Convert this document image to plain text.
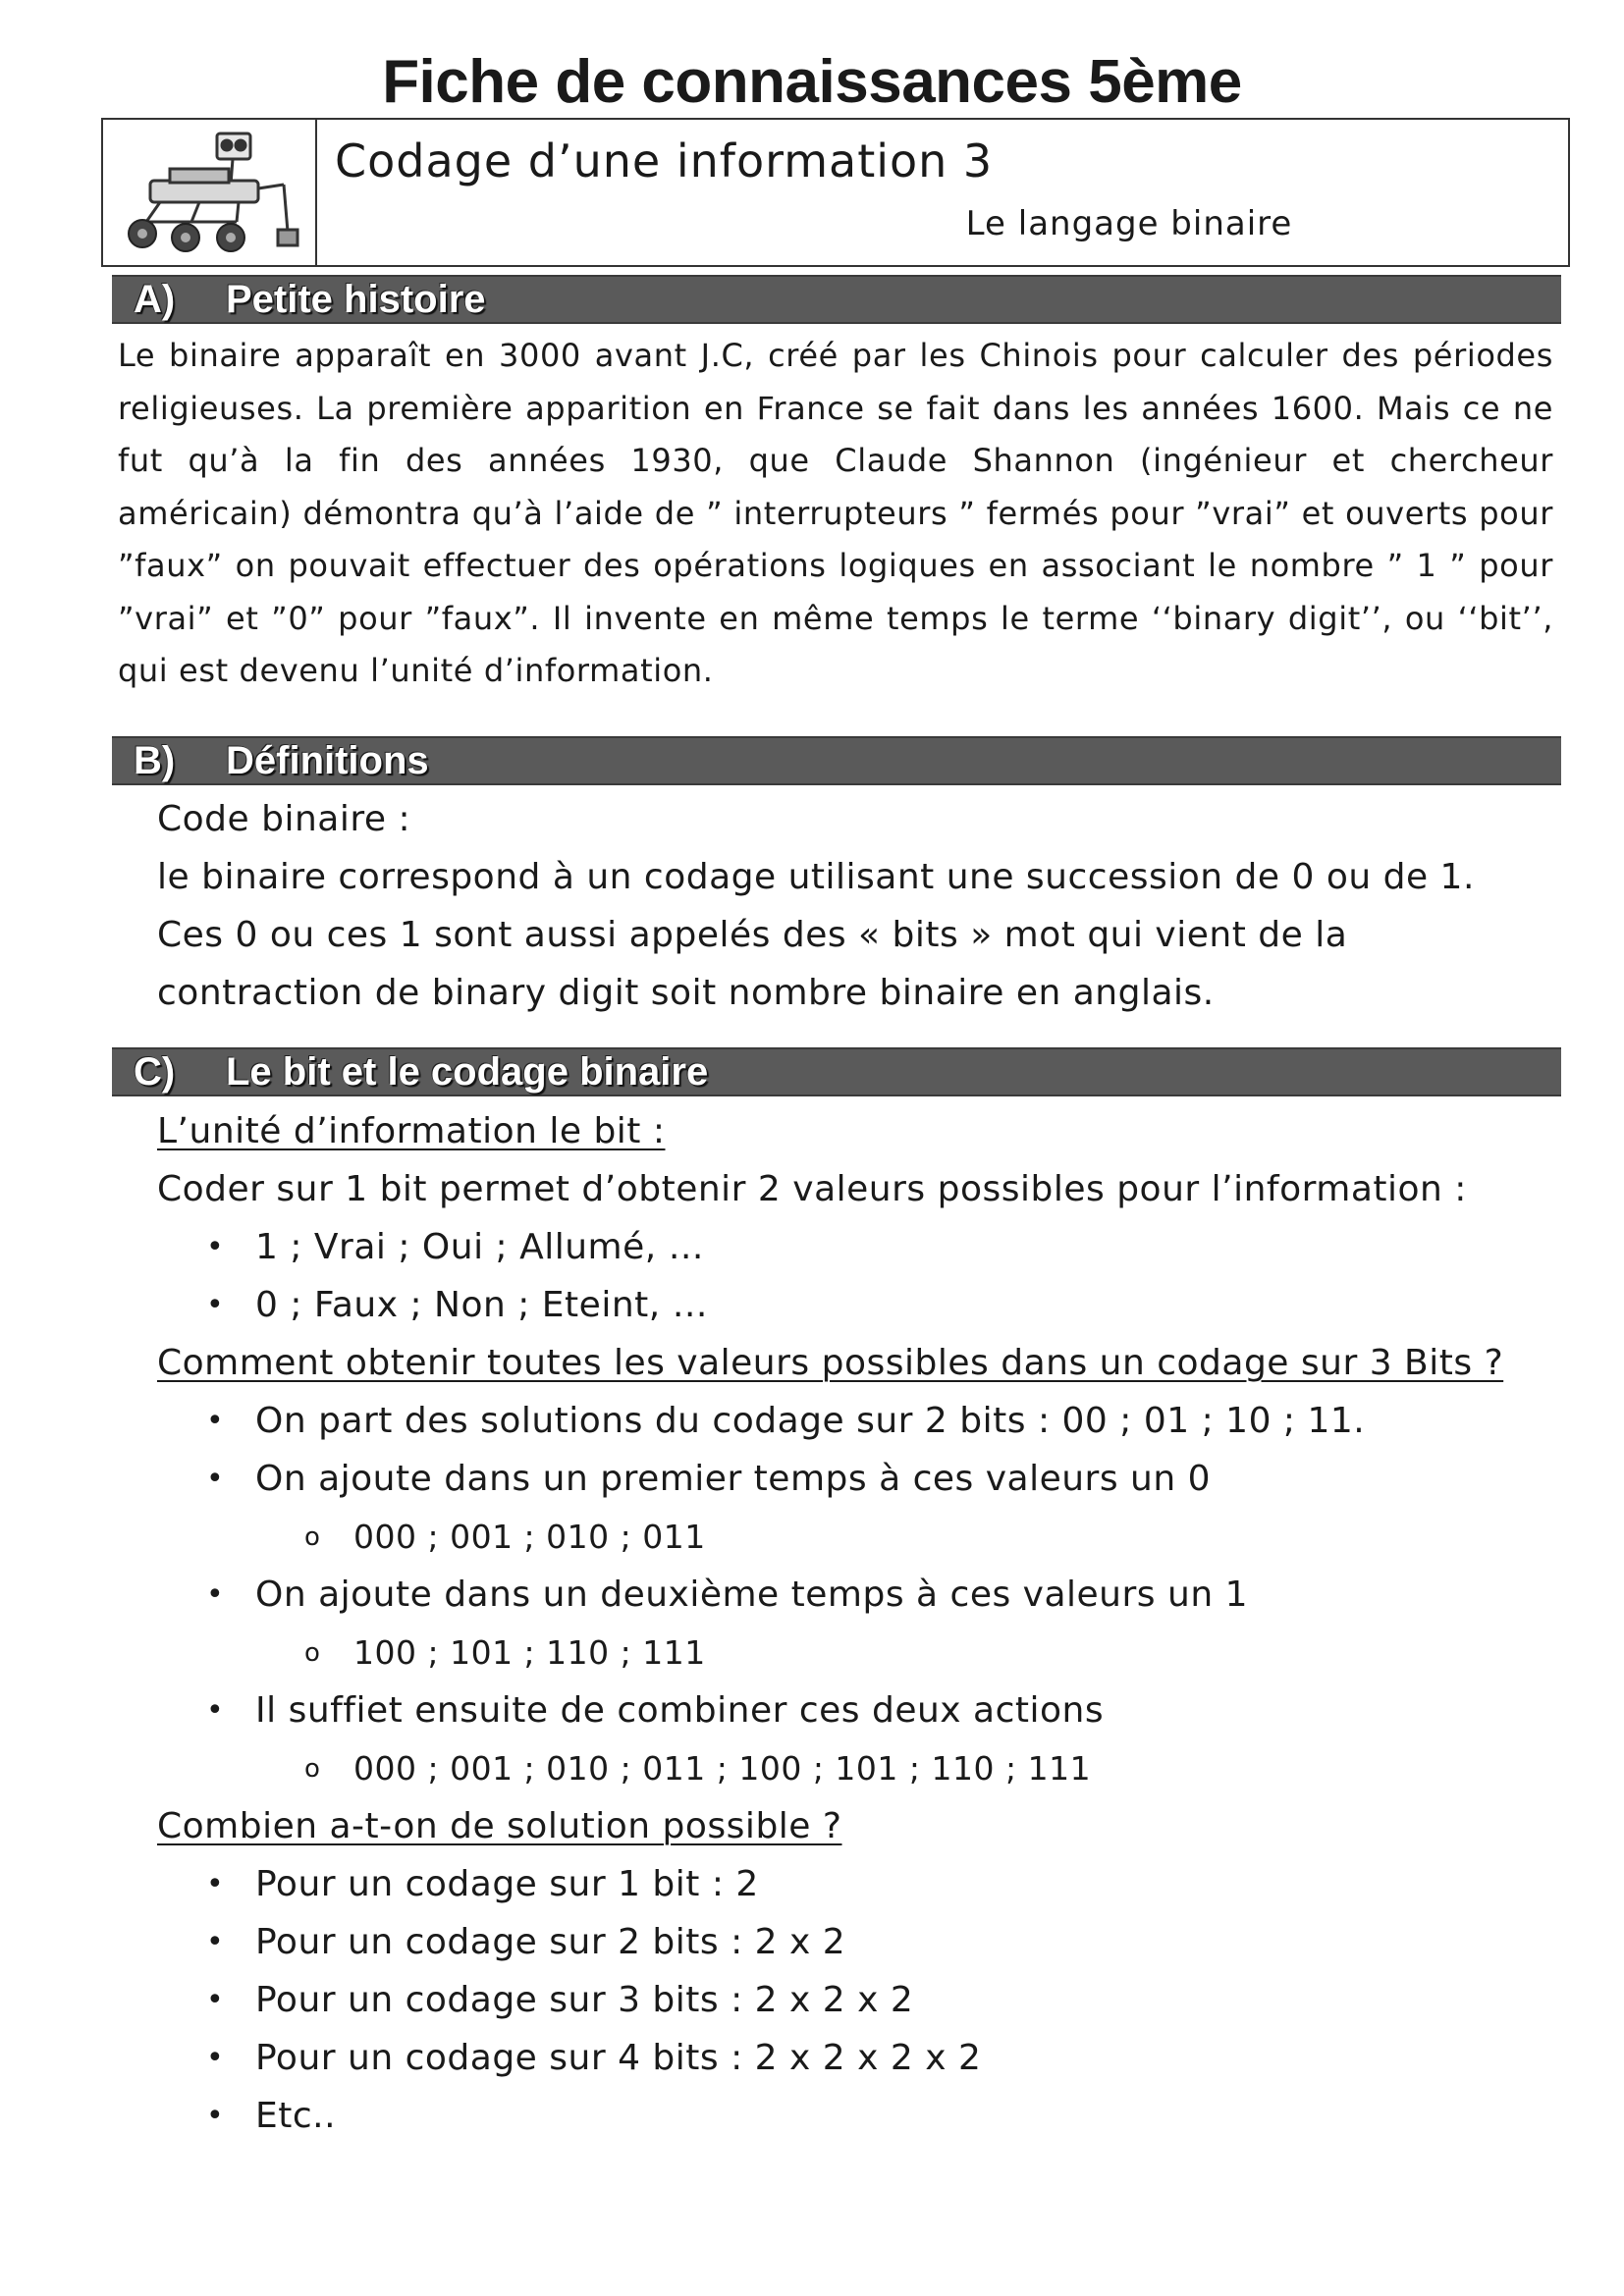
Fiche de connaissances 5ème
Codage d’une information 3
Le langage binaire
A) Petite histoire

Le binaire apparaît en 3000 avant J.C, créé par les Chinois pour calculer des périodes religieuses. La première apparition en France se fait dans les années 1600. Mais ce ne fut qu’à la fin des années 1930, que Claude Shannon (ingénieur et chercheur américain) démontra qu’à l’aide de ” interrupteurs ” fermés pour ”vrai” et ouverts pour ”faux” on pouvait effectuer des opérations logiques en associant le nombre ” 1 ” pour ”vrai” et ”0” pour ”faux”. Il invente en même temps le terme ‘‘binary digit’’, ou ‘‘bit’’, qui est devenu l’unité d’information.

B) Définitions

Code binaire :

le binaire correspond à un codage utilisant une succession de 0 ou de 1.

Ces 0 ou ces 1 sont aussi appelés des « bits » mot qui vient de la

contraction de binary digit soit nombre binaire en anglais.

C) Le bit et le codage binaire

L’unité d’information le bit :

Coder sur 1 bit permet d’obtenir 2 valeurs possibles pour l’information :

• 1 ; Vrai ; Oui ; Allumé, …

• 0 ; Faux ; Non ; Eteint, …

Comment obtenir toutes les valeurs possibles dans un codage sur 3 Bits ?

• On part des solutions du codage sur 2 bits : 00 ; 01 ; 10 ; 11.

• On ajoute dans un premier temps à ces valeurs un 0

o 000 ; 001 ; 010 ; 011

• On ajoute dans un deuxième temps à ces valeurs un 1

o 100 ; 101 ; 110 ; 111

• Il suffiet ensuite de combiner ces deux actions

o 000 ; 001 ; 010 ; 011 ; 100 ; 101 ; 110 ; 111

Combien a-t-on de solution possible ?

• Pour un codage sur 1 bit : 2

• Pour un codage sur 2 bits : 2 x 2

• Pour un codage sur 3 bits : 2 x 2 x 2

• Pour un codage sur 4 bits : 2 x 2 x 2 x 2

• Etc..
